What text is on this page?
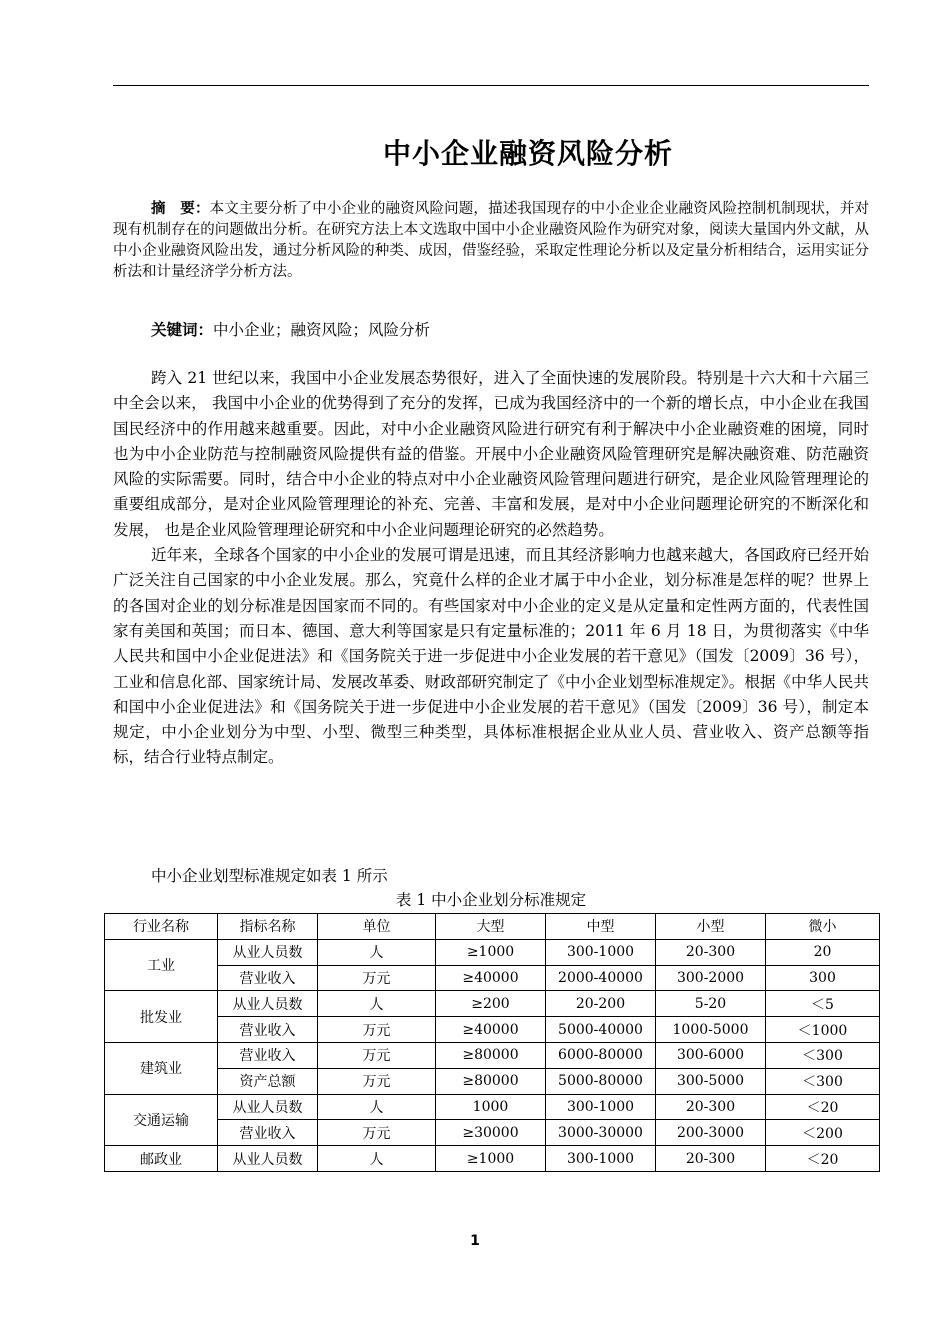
中小企业融资风险分析
摘　要：本文主要分析了中小企业的融资风险问题，描述我国现存的中小企业企业融资风险控制机制现状，并对现有机制存在的问题做出分析。在研究方法上本文选取中国中小企业融资风险作为研究对象，阅读大量国内外文献，从中小企业融资风险出发，通过分析风险的种类、成因，借鉴经验，采取定性理论分析以及定量分析相结合，运用实证分析法和计量经济学分析方法。
关键词：中小企业；融资风险；风险分析

跨入 21 世纪以来，我国中小企业发展态势很好，进入了全面快速的发展阶段。特别是十六大和十六届三中全会以来， 我国中小企业的优势得到了充分的发挥，已成为我国经济中的一个新的增长点，中小企业在我国国民经济中的作用越来越重要。因此，对中小企业融资风险进行研究有利于解决中小企业融资难的困境，同时也为中小企业防范与控制融资风险提供有益的借鉴。开展中小企业融资风险管理研究是解决融资难、防范融资风险的实际需要。同时，结合中小企业的特点对中小企业融资风险管理问题进行研究，是企业风险管理理论的重要组成部分，是对企业风险管理理论的补充、完善、丰富和发展，是对中小企业问题理论研究的不断深化和发展， 也是企业风险管理理论研究和中小企业问题理论研究的必然趋势。

近年来，全球各个国家的中小企业的发展可谓是迅速，而且其经济影响力也越来越大，各国政府已经开始广泛关注自己国家的中小企业发展。那么，究竟什么样的企业才属于中小企业，划分标准是怎样的呢？世界上的各国对企业的划分标准是因国家而不同的。有些国家对中小企业的定义是从定量和定性两方面的，代表性国家有美国和英国；而日本、德国、意大利等国家是只有定量标准的；2011 年 6 月 18 日，为贯彻落实《中华人民共和国中小企业促进法》和《国务院关于进一步促进中小企业发展的若干意见》（国发〔2009〕36 号），工业和信息化部、国家统计局、发展改革委、财政部研究制定了《中小企业划型标准规定》。根据《中华人民共和国中小企业促进法》和《国务院关于进一步促进中小企业发展的若干意见》（国发〔2009〕36 号），制定本规定，中小企业划分为中型、小型、微型三种类型，具体标准根据企业从业人员、营业收入、资产总额等指标，结合行业特点制定。

中小企业划型标准规定如表 1 所示
表 1 中小企业划分标准规定
行业名称	指标名称	单位	大型	中型	小型	微小
工业	从业人员数	人	≥1000	300-1000	20-300	20
	营业收入	万元	≥40000	2000-40000	300-2000	300
批发业	从业人员数	人	≥200	20-200	5-20	＜5
	营业收入	万元	≥40000	5000-40000	1000-5000	＜1000
建筑业	营业收入	万元	≥80000	6000-80000	300-6000	＜300
	资产总额	万元	≥80000	5000-80000	300-5000	＜300
交通运输	从业人员数	人	1000	300-1000	20-300	＜20
	营业收入	万元	≥30000	3000-30000	200-3000	＜200
邮政业	从业人员数	人	≥1000	300-1000	20-300	＜20
1
